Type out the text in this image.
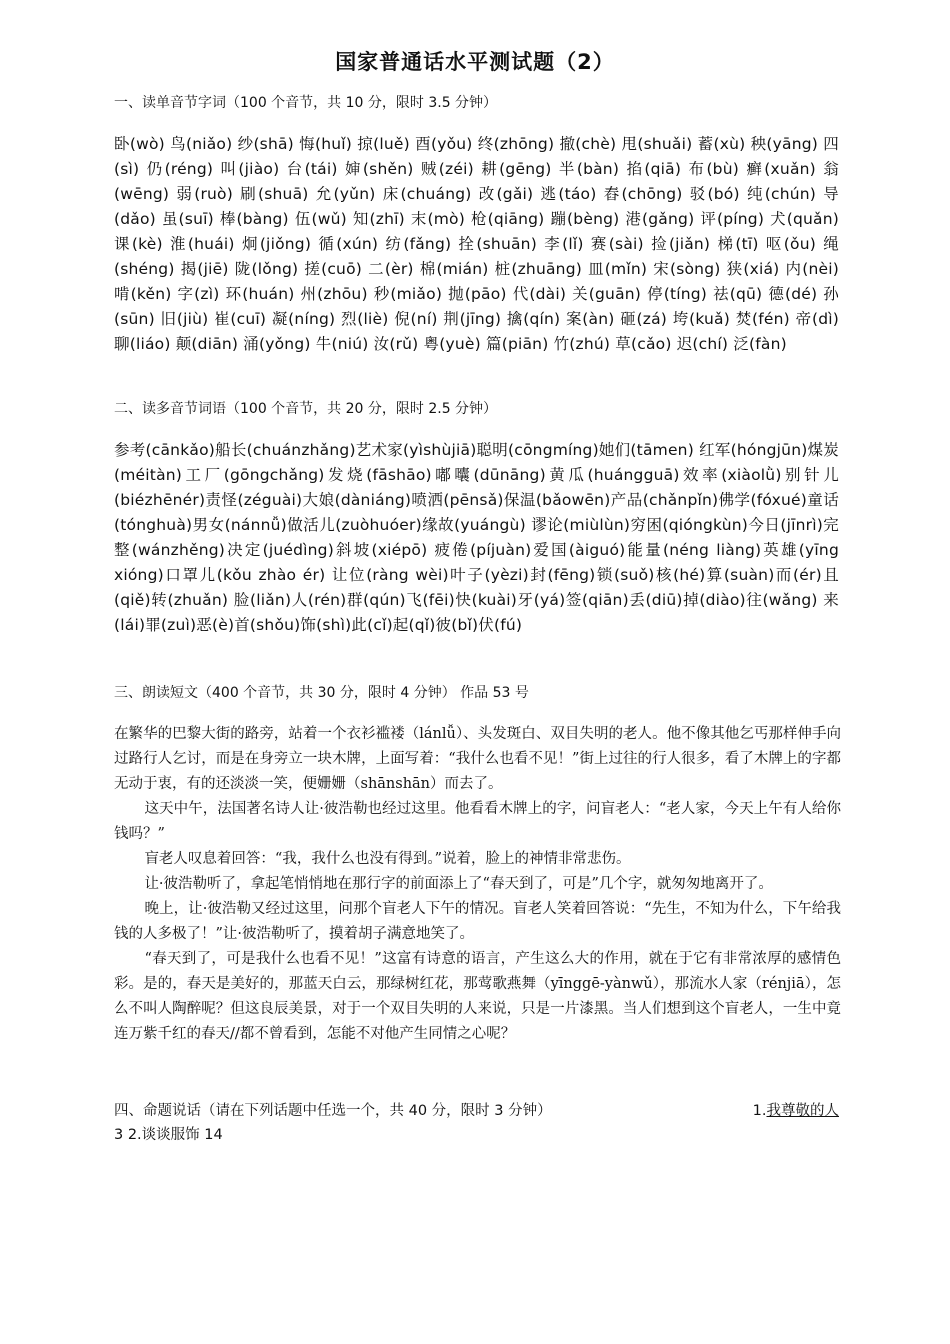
国家普通话水平测试题（2）
一、读单音节字词（100 个音节，共 10 分，限时 3.5 分钟）
卧(wò) 鸟(niǎo) 纱(shā) 悔(huǐ) 掠(luě) 酉(yǒu) 终(zhōng) 撤(chè) 甩(shuǎi) 蓄(xù) 秧(yāng) 四(sì) 仍(réng) 叫(jiào) 台(tái) 婶(shěn) 贼(zéi) 耕(gēng) 半(bàn) 掐(qiā) 布(bù) 癣(xuǎn) 翁(wēng) 弱(ruò) 刷(shuā) 允(yǔn) 床(chuáng) 改(gǎi) 逃(táo) 舂(chōng) 驳(bó) 纯(chún) 导(dǎo) 虽(suī) 棒(bàng) 伍(wǔ) 知(zhī) 末(mò) 枪(qiāng) 蹦(bèng) 港(gǎng) 评(píng) 犬(quǎn) 课(kè) 淮(huái) 炯(jiǒng) 循(xún) 纺(fǎng) 拴(shuān) 李(lǐ) 赛(sài) 捡(jiǎn) 梯(tī) 呕(ǒu) 绳(shéng) 揭(jiē) 陇(lǒng) 搓(cuō) 二(èr) 棉(mián) 桩(zhuāng) 皿(mǐn) 宋(sòng) 狭(xiá) 内(nèi) 啃(kěn) 字(zì) 环(huán) 州(zhōu) 秒(miǎo) 抛(pāo) 代(dài) 关(guān) 停(tíng) 祛(qū) 德(dé) 孙(sūn) 旧(jiù) 崔(cuī) 凝(níng) 烈(liè) 倪(ní) 荆(jīng) 擒(qín) 案(àn) 砸(zá) 垮(kuǎ) 焚(fén) 帝(dì) 聊(liáo) 颠(diān) 涌(yǒng) 牛(niú) 汝(rǔ) 粤(yuè) 篇(piān) 竹(zhú) 草(cǎo) 迟(chí) 泛(fàn)
二、读多音节词语（100 个音节，共 20 分，限时 2.5 分钟）
参考(cānkǎo)船长(chuánzhǎng)艺术家(yìshùjiā)聪明(cōngmíng)她们(tāmen) 红军(hóngjūn)煤炭(méitàn)工厂(gōngchǎng)发烧(fāshāo)嘟囔(dūnāng)黄瓜(huángguā)效率(xiàolǜ)别针儿(biézhēnér)责怪(zéguài)大娘(dàniáng)喷洒(pēnsǎ)保温(bǎowēn)产品(chǎnpǐn)佛学(fóxué)童话(tónghuà)男女(nánnǚ)做活儿(zuòhuóer)缘故(yuángù) 谬论(miùlùn)穷困(qióngkùn)今日(jīnrì)完整(wánzhěng)决定(juédìng)斜坡(xiépō) 疲倦(píjuàn)爱国(àiguó)能量(néng liàng)英雄(yīng xióng)口罩儿(kǒu zhào ér) 让位(ràng wèi)叶子(yèzi)封(fēng)锁(suǒ)核(hé)算(suàn)而(ér)且(qiě)转(zhuǎn) 脸(liǎn)人(rén)群(qún)飞(fēi)快(kuài)牙(yá)签(qiān)丢(diū)掉(diào)往(wǎng) 来(lái)罪(zuì)恶(è)首(shǒu)饰(shì)此(cǐ)起(qǐ)彼(bǐ)伏(fú)
三、朗读短文（400 个音节，共 30 分，限时 4 分钟） 作品 53 号

在繁华的巴黎大街的路旁，站着一个衣衫褴褛（lánlǚ）、头发斑白、双目失明的老人。他不像其他乞丐那样伸手向过路行人乞讨，而是在身旁立一块木牌，上面写着：“我什么也看不见！”街上过往的行人很多，看了木牌上的字都无动于衷，有的还淡淡一笑，便姗姗（shānshān）而去了。

这天中午，法国著名诗人让·彼浩勒也经过这里。他看看木牌上的字，问盲老人：“老人家，今天上午有人给你钱吗？”

盲老人叹息着回答：“我，我什么也没有得到。”说着，脸上的神情非常悲伤。

让·彼浩勒听了，拿起笔悄悄地在那行字的前面添上了“春天到了，可是”几个字，就匆匆地离开了。

晚上，让·彼浩勒又经过这里，问那个盲老人下午的情况。盲老人笑着回答说：“先生，不知为什么，下午给我钱的人多极了！”让·彼浩勒听了，摸着胡子满意地笑了。

“春天到了，可是我什么也看不见！”这富有诗意的语言，产生这么大的作用，就在于它有非常浓厚的感情色彩。是的，春天是美好的，那蓝天白云，那绿树红花，那莺歌燕舞（yīnggē-yànwǔ），那流水人家（rénjiā），怎么不叫人陶醉呢？但这良辰美景，对于一个双目失明的人来说，只是一片漆黑。当人们想到这个盲老人，一生中竟连万紫千红的春天//都不曾看到，怎能不对他产生同情之心呢？

四、命题说话（请在下列话题中任选一个，共 40 分，限时 3 分钟）	1.我尊敬的人
3 2.谈谈服饰 14
